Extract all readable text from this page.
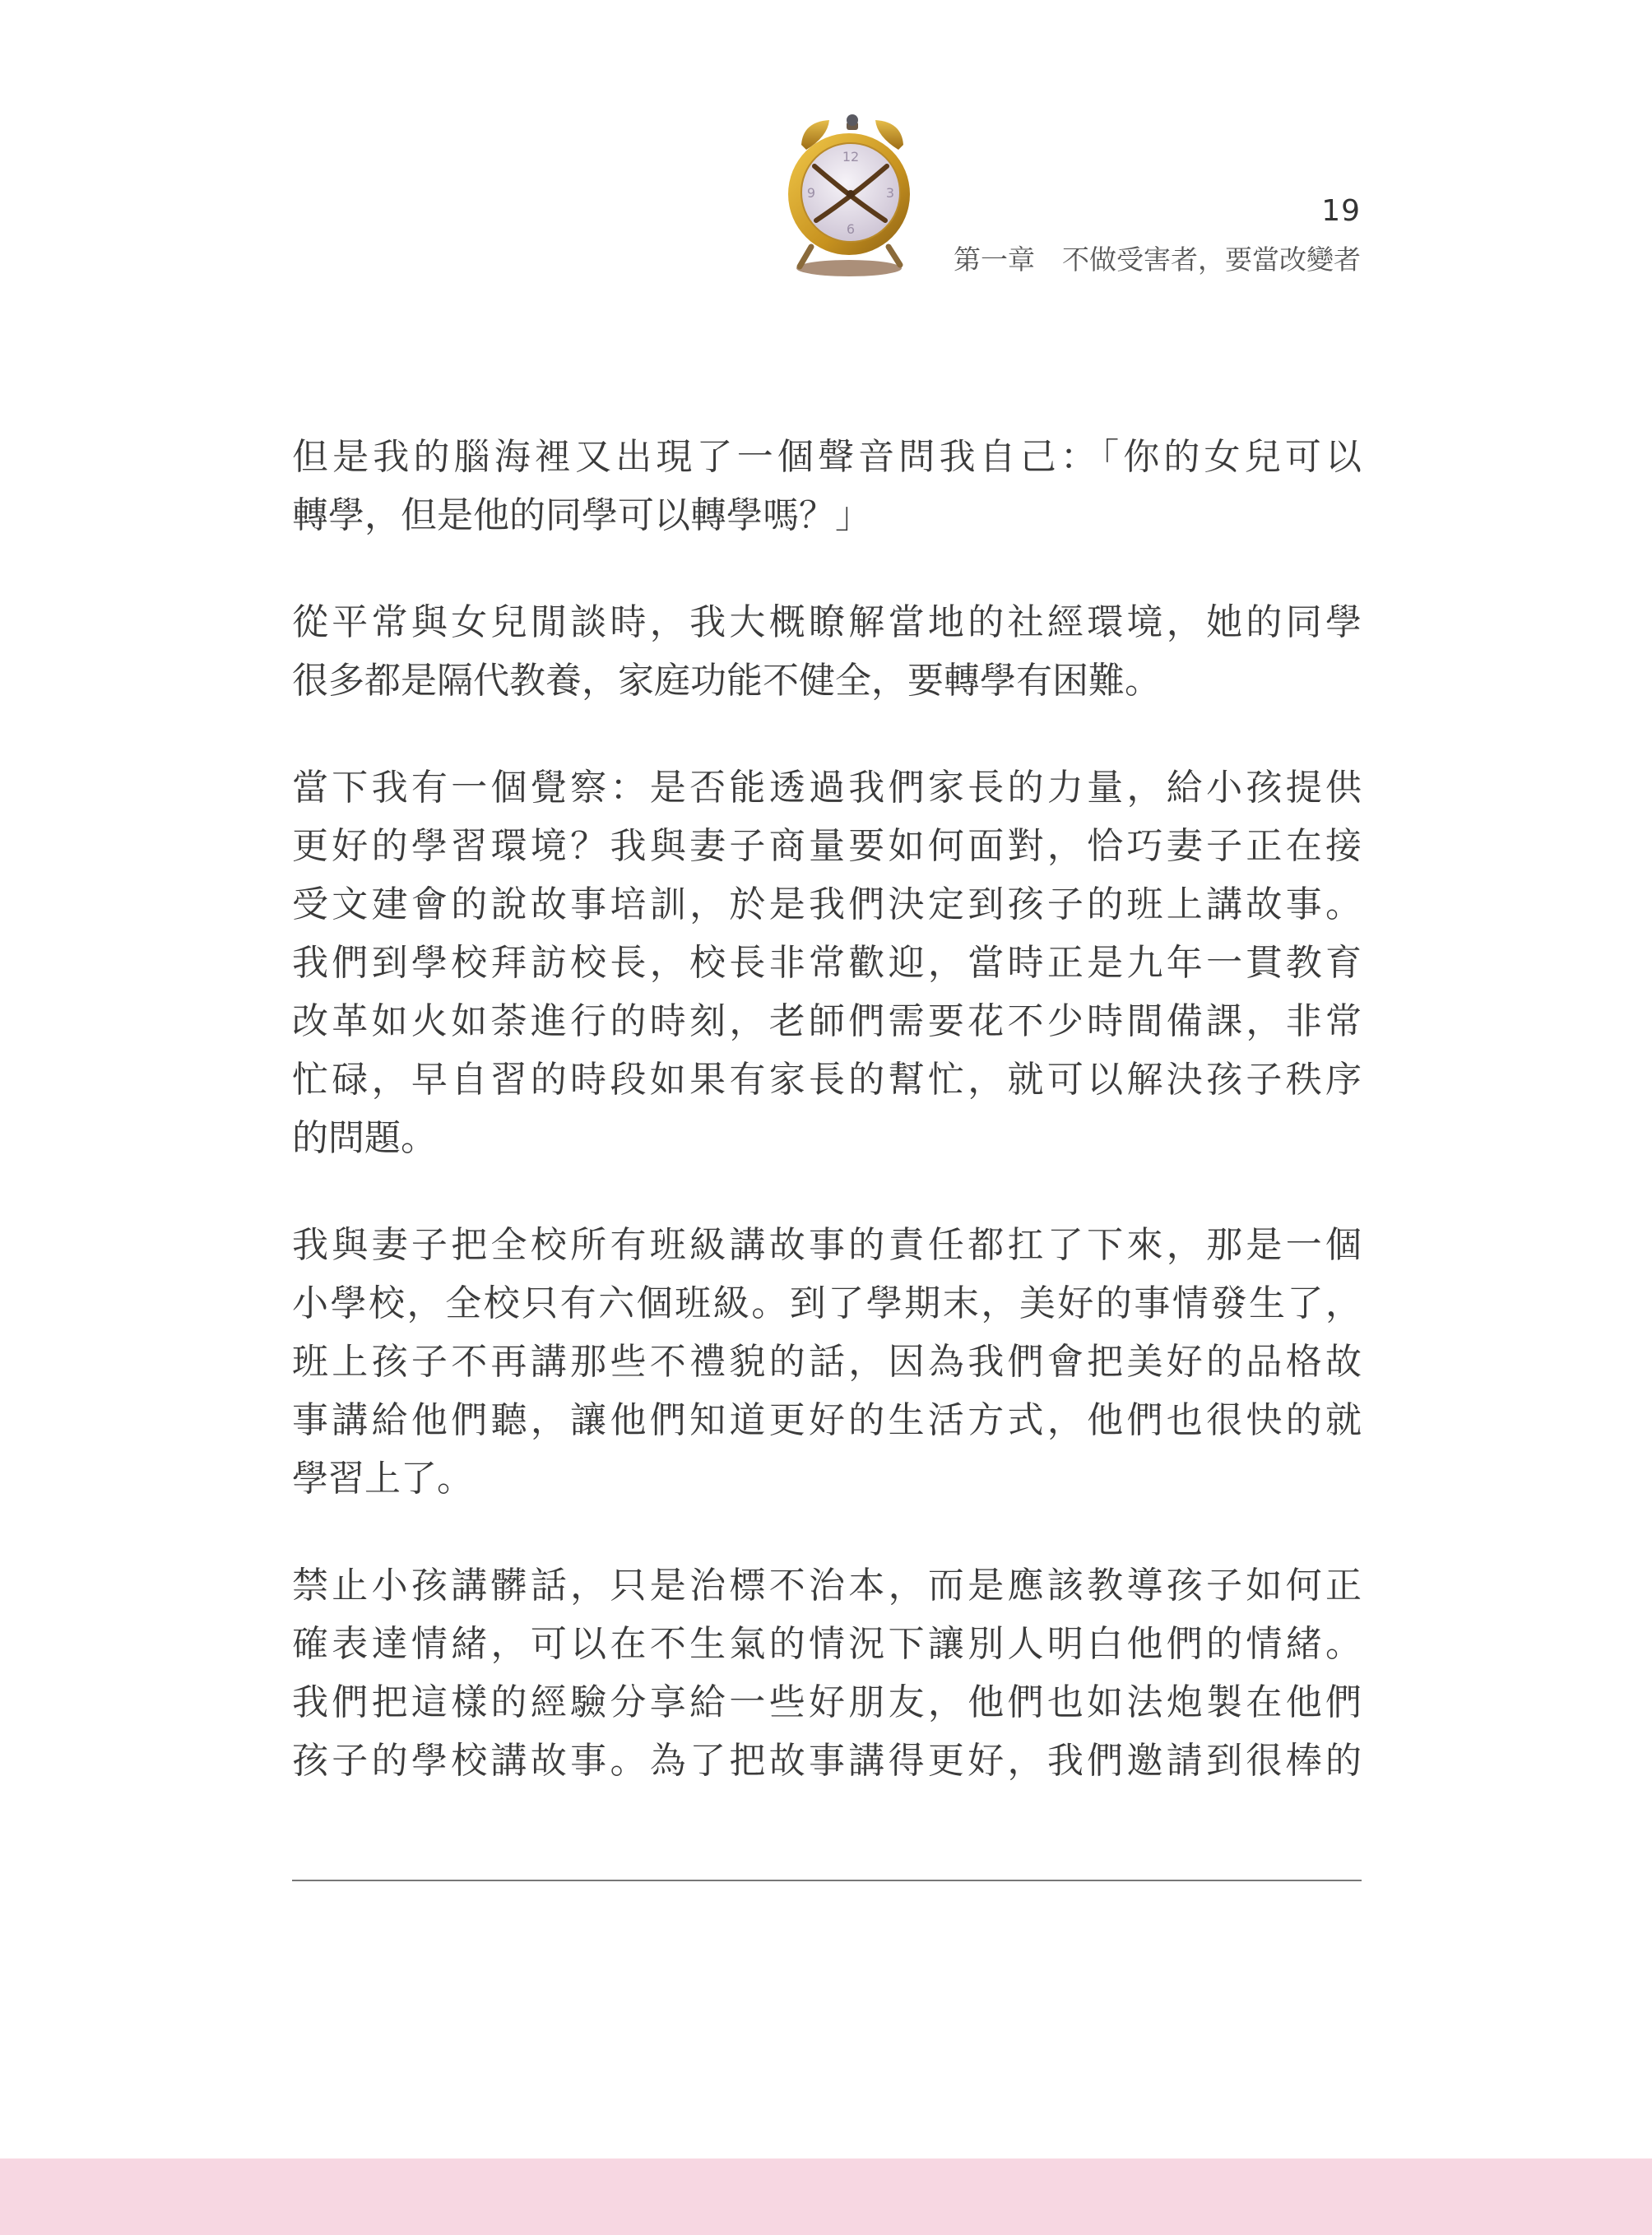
12
3
6
9
19
第一章　不做受害者，要當改變者

但是我的腦海裡又出現了一個聲音問我自己：「你的女兒可以
轉學，但是他的同學可以轉學嗎？」

從平常與女兒閒談時，我大概瞭解當地的社經環境，她的同學
很多都是隔代教養，家庭功能不健全，要轉學有困難。

當下我有一個覺察：是否能透過我們家長的力量，給小孩提供
更好的學習環境？我與妻子商量要如何面對，恰巧妻子正在接
受文建會的說故事培訓，於是我們決定到孩子的班上講故事。
我們到學校拜訪校長，校長非常歡迎，當時正是九年一貫教育
改革如火如荼進行的時刻，老師們需要花不少時間備課，非常
忙碌，早自習的時段如果有家長的幫忙，就可以解決孩子秩序
的問題。

我與妻子把全校所有班級講故事的責任都扛了下來，那是一個
小學校，全校只有六個班級。到了學期末，美好的事情發生了，
班上孩子不再講那些不禮貌的話，因為我們會把美好的品格故
事講給他們聽，讓他們知道更好的生活方式，他們也很快的就
學習上了。

禁止小孩講髒話，只是治標不治本，而是應該教導孩子如何正
確表達情緒，可以在不生氣的情況下讓別人明白他們的情緒。
我們把這樣的經驗分享給一些好朋友，他們也如法炮製在他們
孩子的學校講故事。為了把故事講得更好，我們邀請到很棒的
